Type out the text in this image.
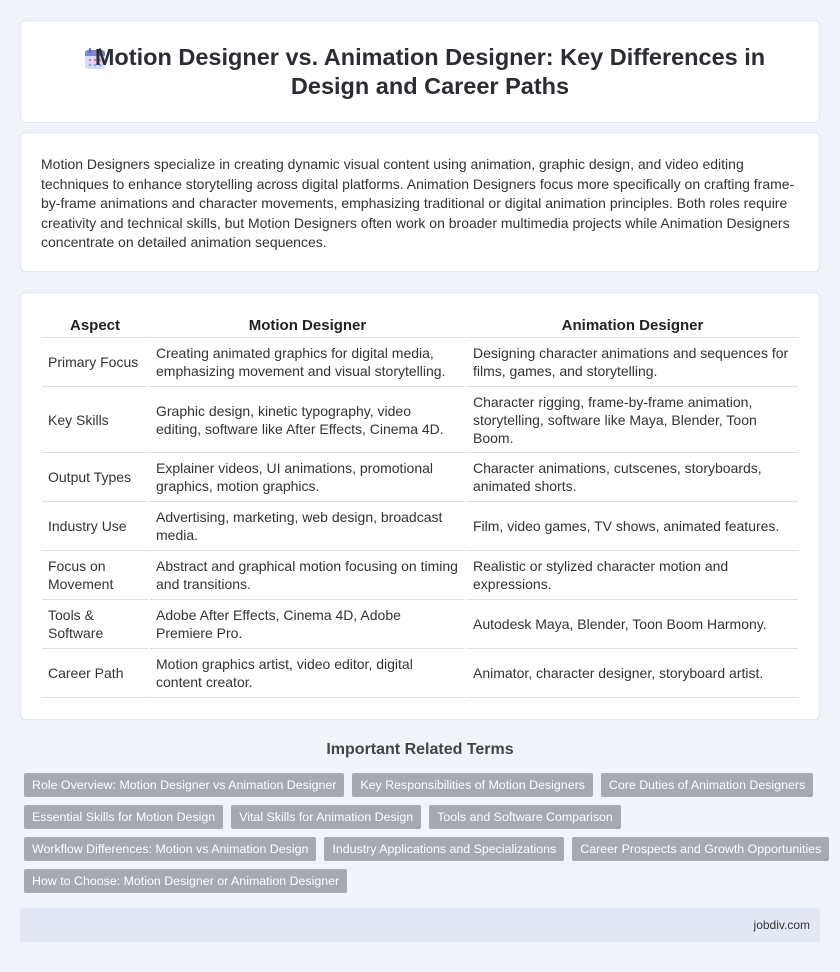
Motion Designer vs. Animation Designer: Key Differences in Design and Career Paths

Motion Designers specialize in creating dynamic visual content using animation, graphic design, and video editing techniques to enhance storytelling across digital platforms. Animation Designers focus more specifically on crafting frame-by-frame animations and character movements, emphasizing traditional or digital animation principles. Both roles require creativity and technical skills, but Motion Designers often work on broader multimedia projects while Animation Designers concentrate on detailed animation sequences.

Aspect	Motion Designer	Animation Designer
Primary Focus	Creating animated graphics for digital media, emphasizing movement and visual storytelling.	Designing character animations and sequences for films, games, and storytelling.
Key Skills	Graphic design, kinetic typography, video editing, software like After Effects, Cinema 4D.	Character rigging, frame-by-frame animation, storytelling, software like Maya, Blender, Toon Boom.
Output Types	Explainer videos, UI animations, promotional graphics, motion graphics.	Character animations, cutscenes, storyboards, animated shorts.
Industry Use	Advertising, marketing, web design, broadcast media.	Film, video games, TV shows, animated features.
Focus on Movement	Abstract and graphical motion focusing on timing and transitions.	Realistic or stylized character motion and expressions.
Tools & Software	Adobe After Effects, Cinema 4D, Adobe Premiere Pro.	Autodesk Maya, Blender, Toon Boom Harmony.
Career Path	Motion graphics artist, video editor, digital content creator.	Animator, character designer, storyboard artist.
Important Related Terms
Role Overview: Motion Designer vs Animation Designer	Key Responsibilities of Motion Designers	Core Duties of Animation Designers
Essential Skills for Motion Design	Vital Skills for Animation Design	Tools and Software Comparison
Workflow Differences: Motion vs Animation Design	Industry Applications and Specializations	Career Prospects and Growth Opportunities
How to Choose: Motion Designer or Animation Designer
jobdiv.com
